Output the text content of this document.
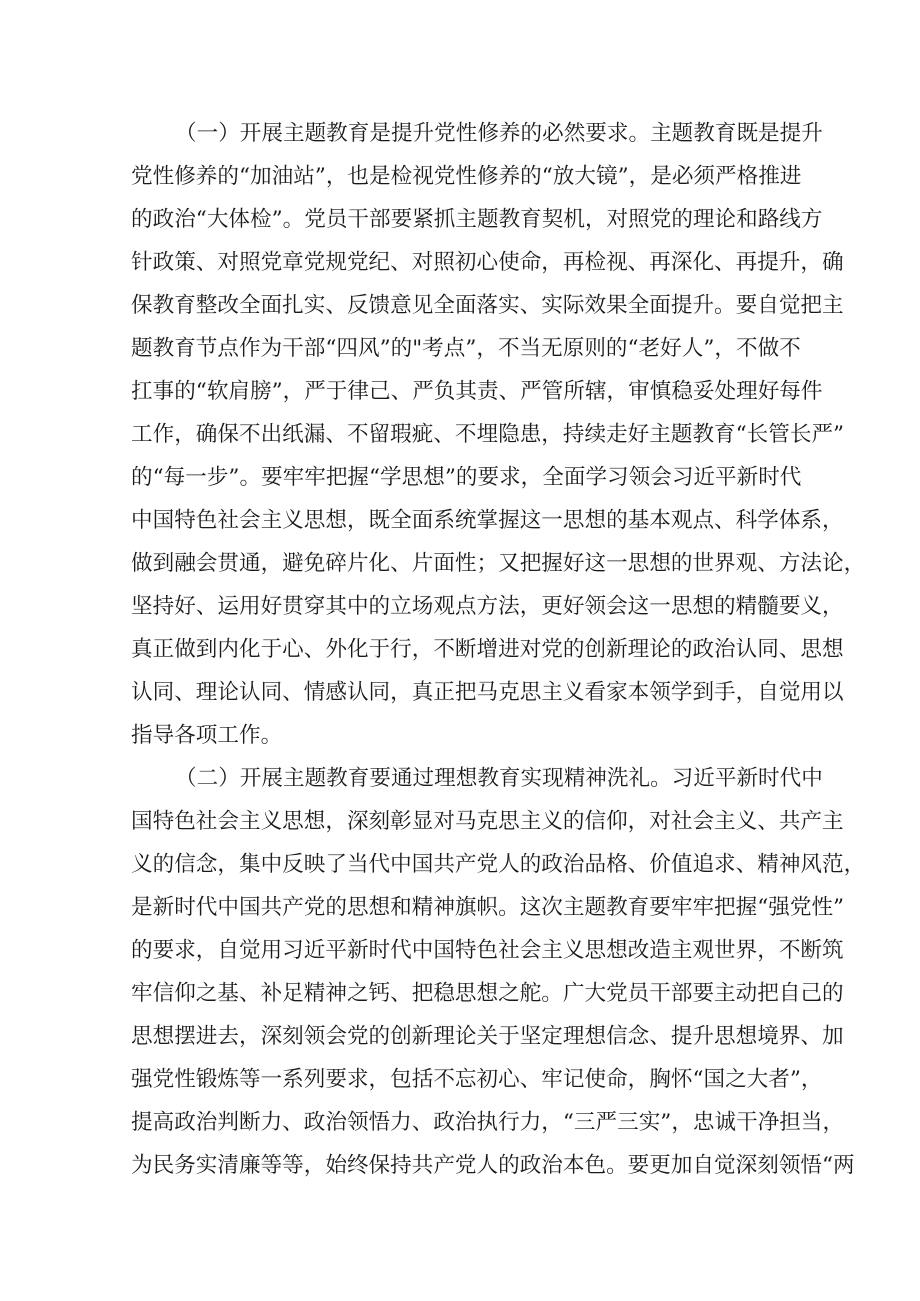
（一）开展主题教育是提升党性修养的必然要求。主题教育既是提升
党性修养的“加油站”，也是检视党性修养的“放大镜”，是必须严格推进
的政治“大体检”。党员干部要紧抓主题教育契机，对照党的理论和路线方
针政策、对照党章党规党纪、对照初心使命，再检视、再深化、再提升，确
保教育整改全面扎实、反馈意见全面落实、实际效果全面提升。要自觉把主
题教育节点作为干部“四风”的"考点”，不当无原则的“老好人”，不做不
扛事的“软肩膀”，严于律己、严负其责、严管所辖，审慎稳妥处理好每件
工作，确保不出纸漏、不留瑕疵、不埋隐患，持续走好主题教育“长管长严”
的“每一步”。要牢牢把握“学思想”的要求，全面学习领会习近平新时代
中国特色社会主义思想，既全面系统掌握这一思想的基本观点、科学体系，
做到融会贯通，避免碎片化、片面性；又把握好这一思想的世界观、方法论，
坚持好、运用好贯穿其中的立场观点方法，更好领会这一思想的精髓要义，
真正做到内化于心、外化于行，不断增进对党的创新理论的政治认同、思想
认同、理论认同、情感认同，真正把马克思主义看家本领学到手，自觉用以
指导各项工作。
（二）开展主题教育要通过理想教育实现精神洗礼。习近平新时代中
国特色社会主义思想，深刻彰显对马克思主义的信仰，对社会主义、共产主
义的信念，集中反映了当代中国共产党人的政治品格、价值追求、精神风范，
是新时代中国共产党的思想和精神旗帜。这次主题教育要牢牢把握“强党性”
的要求，自觉用习近平新时代中国特色社会主义思想改造主观世界，不断筑
牢信仰之基、补足精神之钙、把稳思想之舵。广大党员干部要主动把自己的
思想摆进去，深刻领会党的创新理论关于坚定理想信念、提升思想境界、加
强党性锻炼等一系列要求，包括不忘初心、牢记使命，胸怀“国之大者”，
提高政治判断力、政治领悟力、政治执行力，“三严三实”，忠诚干净担当，
为民务实清廉等等，始终保持共产党人的政治本色。要更加自觉深刻领悟“两
